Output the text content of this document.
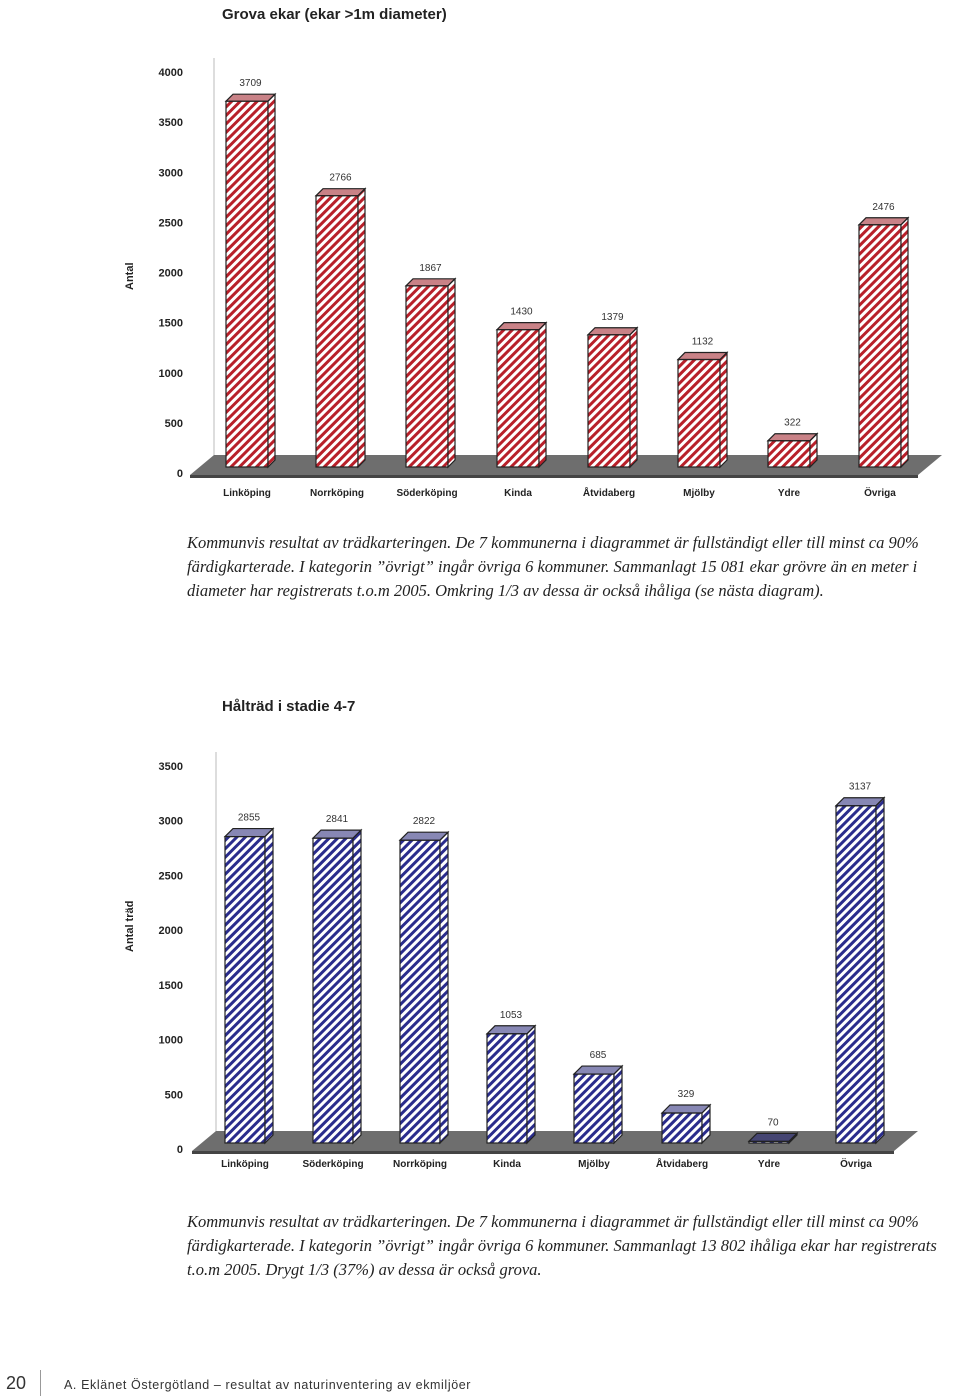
Grova ekar (ekar >1m diameter)
Antal
0
500
1000
1500
2000
2500
3000
3500
4000
3709
Linköping
2766
Norrköping
1867
Söderköping
1430
Kinda
1379
Åtvidaberg
1132
Mjölby
322
Ydre
2476
Övriga

Kommunvis resultat av trädkarteringen. De 7 kommunerna i diagrammet är fullständigt eller till minst ca 90% färdigkarterade. I kategorin ”övrigt” ingår övriga 6 kommuner. Sammanlagt 15 081 ekar grövre än en meter i diameter har registrerats t.o.m 2005. Omkring 1/3 av dessa är också ihåliga (se nästa diagram).

Hålträd i stadie 4-7
Antal träd
0
500
1000
1500
2000
2500
3000
3500
2855
Linköping
2841
Söderköping
2822
Norrköping
1053
Kinda
685
Mjölby
329
Åtvidaberg
70
Ydre
3137
Övriga

Kommunvis resultat av trädkarteringen. De 7 kommunerna i diagrammet är fullständigt eller till minst ca 90% färdigkarterade. I kategorin ”övrigt” ingår övriga 6 kommuner. Sammanlagt 13 802 ihåliga ekar har registrerats t.o.m 2005. Drygt 1/3 (37%) av dessa är också grova.

20	A. Eklänet Östergötland – resultat av naturinventering av ekmiljöer
